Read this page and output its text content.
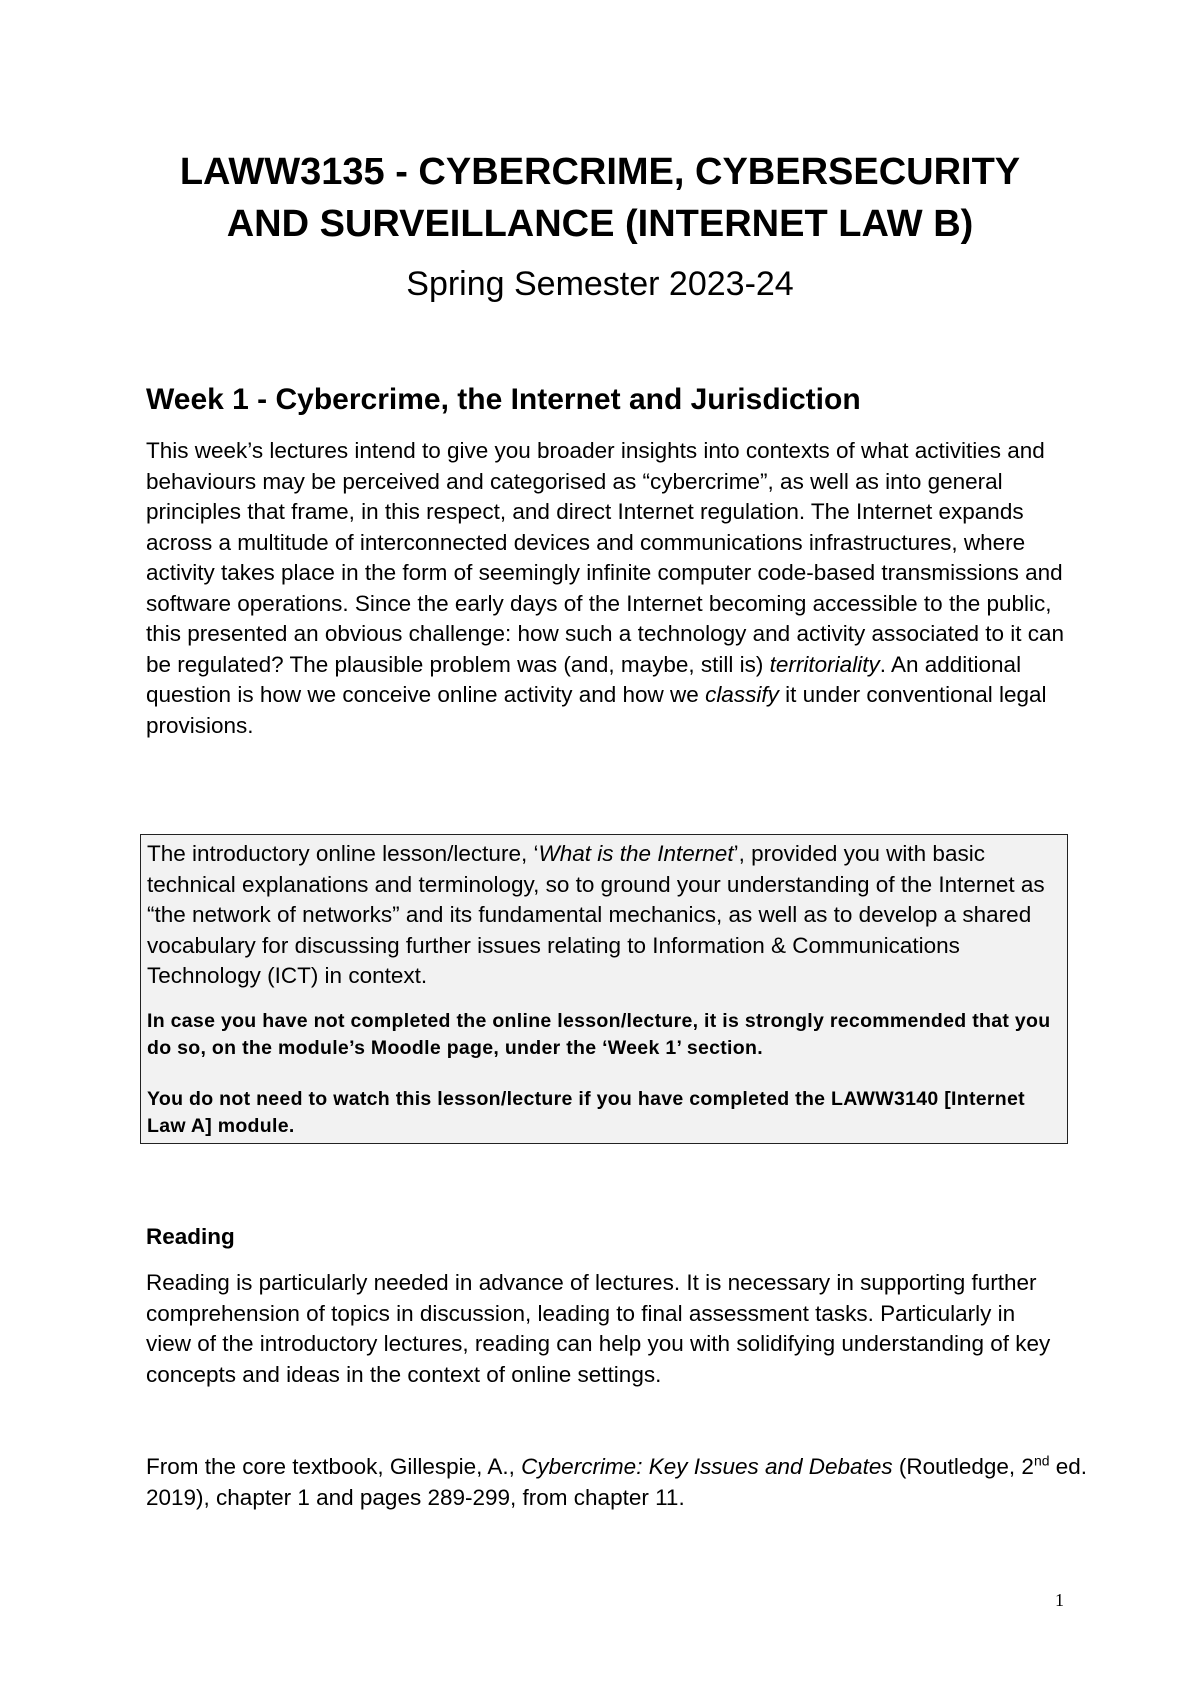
LAWW3135 - CYBERCRIME, CYBERSECURITY
AND SURVEILLANCE (INTERNET LAW B)

Spring Semester 2023-24

Week 1 - Cybercrime, the Internet and Jurisdiction

This week’s lectures intend to give you broader insights into contexts of what activities and behaviours may be perceived and categorised as “cybercrime”, as well as into general principles that frame, in this respect, and direct Internet regulation. The Internet expands across a multitude of interconnected devices and communications infrastructures, where activity takes place in the form of seemingly infinite computer code-based transmissions and software operations. Since the early days of the Internet becoming accessible to the public, this presented an obvious challenge: how such a technology and activity associated to it can be regulated? The plausible problem was (and, maybe, still is) territoriality. An additional question is how we conceive online activity and how we classify it under conventional legal provisions.

The introductory online lesson/lecture, ‘What is the Internet’, provided you with basic technical explanations and terminology, so to ground your understanding of the Internet as “the network of networks” and its fundamental mechanics, as well as to develop a shared vocabulary for discussing further issues relating to Information & Communications Technology (ICT) in context.

In case you have not completed the online lesson/lecture, it is strongly recommended that you do so, on the module’s Moodle page, under the ‘Week 1’ section.

You do not need to watch this lesson/lecture if you have completed the LAWW3140 [Internet Law A] module.

Reading

Reading is particularly needed in advance of lectures. It is necessary in supporting further comprehension of topics in discussion, leading to final assessment tasks. Particularly in view of the introductory lectures, reading can help you with solidifying understanding of key concepts and ideas in the context of online settings.

From the core textbook, Gillespie, A., Cybercrime: Key Issues and Debates (Routledge, 2nd ed. 2019), chapter 1 and pages 289-299, from chapter 11.

1
